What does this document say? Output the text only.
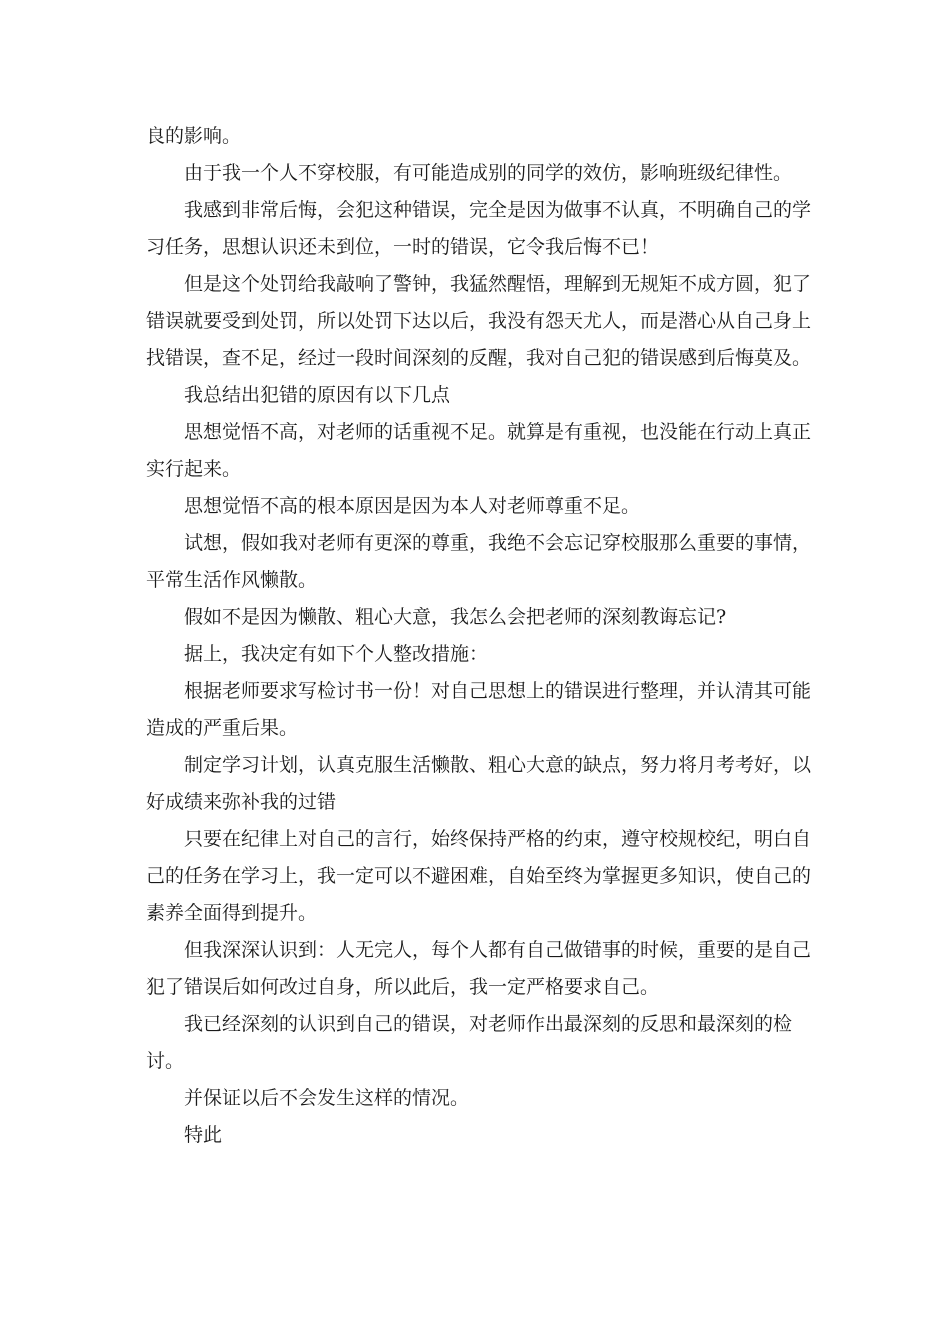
良的影响。

由于我一个人不穿校服，有可能造成别的同学的效仿，影响班级纪律性。

我感到非常后悔，会犯这种错误，完全是因为做事不认真，不明确自己的学习任务，思想认识还未到位，一时的错误，它令我后悔不已！

但是这个处罚给我敲响了警钟，我猛然醒悟，理解到无规矩不成方圆，犯了错误就要受到处罚，所以处罚下达以后，我没有怨天尤人，而是潜心从自己身上找错误，查不足，经过一段时间深刻的反醒，我对自己犯的错误感到后悔莫及。

我总结出犯错的原因有以下几点

思想觉悟不高，对老师的话重视不足。就算是有重视，也没能在行动上真正实行起来。

思想觉悟不高的根本原因是因为本人对老师尊重不足。

试想，假如我对老师有更深的尊重，我绝不会忘记穿校服那么重要的事情，平常生活作风懒散。

假如不是因为懒散、粗心大意，我怎么会把老师的深刻教诲忘记?

据上，我决定有如下个人整改措施：

根据老师要求写检讨书一份！对自己思想上的错误进行整理，并认清其可能造成的严重后果。

制定学习计划，认真克服生活懒散、粗心大意的缺点，努力将月考考好，以好成绩来弥补我的过错

只要在纪律上对自己的言行，始终保持严格的约束，遵守校规校纪，明白自己的任务在学习上，我一定可以不避困难，自始至终为掌握更多知识，使自己的素养全面得到提升。

但我深深认识到：人无完人，每个人都有自己做错事的时候，重要的是自己犯了错误后如何改过自身，所以此后，我一定严格要求自己。

我已经深刻的认识到自己的错误，对老师作出最深刻的反思和最深刻的检讨。

并保证以后不会发生这样的情况。

特此
